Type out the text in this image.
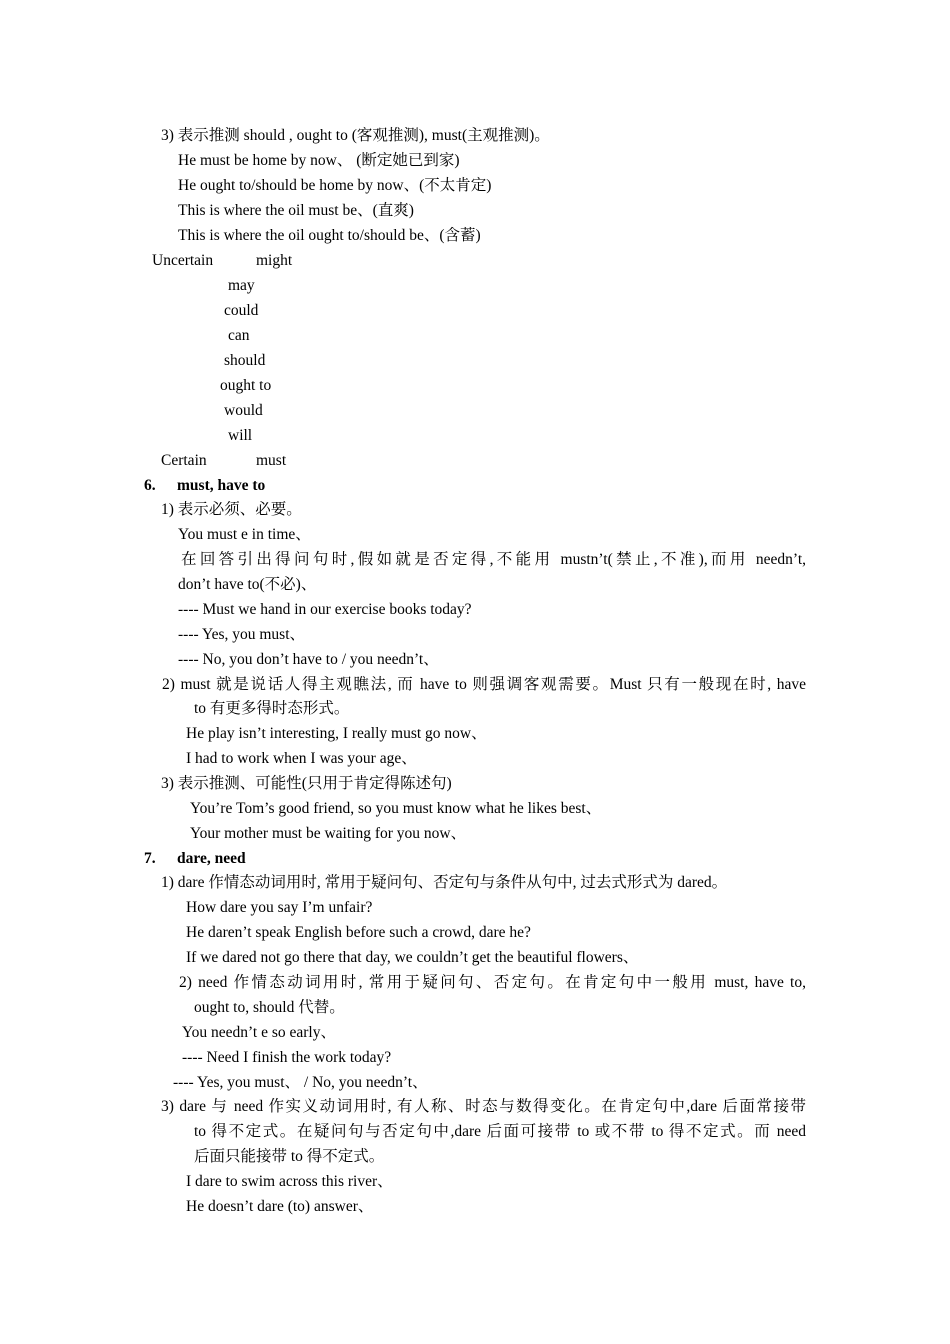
3) 表示推测 should , ought to (客观推测), must(主观推测)。
He must be home by now、 (断定她已到家)
He ought to/should be home by now、(不太肯定)
This is where the oil must be、(直爽)
This is where the oil ought to/should be、(含蓄)
Uncertain	might
may
could
can
should
ought to
would
will
Certain	must
6. must, have to
1) 表示必须、必要。
You must e in time、
在回答引出得问句时,假如就是否定得,不能用 mustn’t(禁止,不准),而用 needn’t,
don’t have to(不必)、
---- Must we hand in our exercise books today?
---- Yes, you must、
---- No, you don’t have to / you needn’t、
2) must 就是说话人得主观瞧法, 而 have to 则强调客观需要。Must 只有一般现在时, have
to 有更多得时态形式。
He play isn’t interesting, I really must go now、
I had to work when I was your age、
3) 表示推测、可能性(只用于肯定得陈述句)
You’re Tom’s good friend, so you must know what he likes best、
Your mother must be waiting for you now、
7. dare, need
1) dare 作情态动词用时, 常用于疑问句、否定句与条件从句中, 过去式形式为 dared。
How dare you say I’m unfair?
He daren’t speak English before such a crowd, dare he?
If we dared not go there that day, we couldn’t get the beautiful flowers、
2) need 作情态动词用时, 常用于疑问句、否定句。在肯定句中一般用 must, have to,
ought to, should 代替。
You needn’t e so early、
---- Need I finish the work today?
---- Yes, you must、 / No, you needn’t、
3) dare 与 need 作实义动词用时, 有人称、时态与数得变化。在肯定句中,dare 后面常接带
to 得不定式。在疑问句与否定句中,dare 后面可接带 to 或不带 to 得不定式。而 need
后面只能接带 to 得不定式。
I dare to swim across this river、
He doesn’t dare (to) answer、
